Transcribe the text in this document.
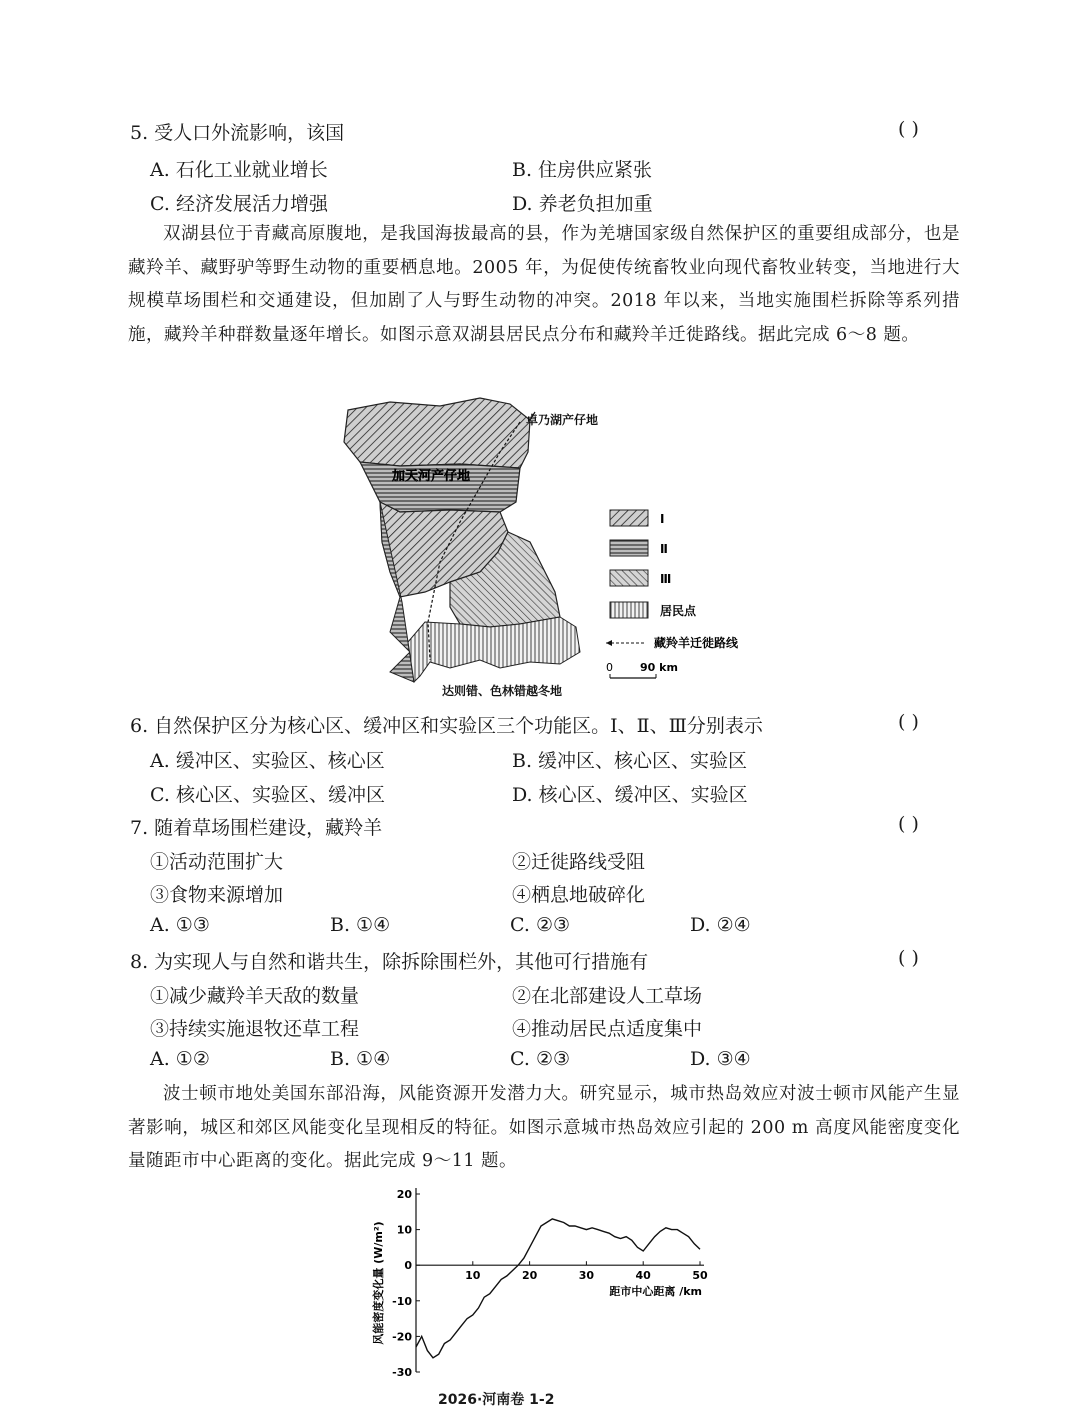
5. 受人口外流影响，该国	( )
A. 石化工业就业增长	B. 住房供应紧张
C. 经济发展活力增强	D. 养老负担加重
双湖县位于青藏高原腹地，是我国海拔最高的县，作为羌塘国家级自然保护区的重要组成部分，也是藏羚羊、藏野驴等野生动物的重要栖息地。2005 年，为促使传统畜牧业向现代畜牧业转变，当地进行大规模草场围栏和交通建设，但加剧了人与野生动物的冲突。2018 年以来，当地实施围栏拆除等系列措施，藏羚羊种群数量逐年增长。如图示意双湖县居民点分布和藏羚羊迁徙路线。据此完成 6～8 题。
卓乃湖产仔地
加天河产仔地
达则错、色林错越冬地
Ⅰ
Ⅱ
Ⅲ
居民点
藏羚羊迁徙路线
0 90 km
6. 自然保护区分为核心区、缓冲区和实验区三个功能区。Ⅰ、Ⅱ、Ⅲ分别表示	( )
A. 缓冲区、实验区、核心区	B. 缓冲区、核心区、实验区
C. 核心区、实验区、缓冲区	D. 核心区、缓冲区、实验区
7. 随着草场围栏建设，藏羚羊	( )
①活动范围扩大	②迁徙路线受阻
③食物来源增加	④栖息地破碎化
A. ①③	B. ①④	C. ②③	D. ②④
8. 为实现人与自然和谐共生，除拆除围栏外，其他可行措施有	( )
①减少藏羚羊天敌的数量	②在北部建设人工草场
③持续实施退牧还草工程	④推动居民点适度集中
A. ①②	B. ①④	C. ②③	D. ③④
波士顿市地处美国东部沿海，风能资源开发潜力大。研究显示，城市热岛效应对波士顿市风能产生显著影响，城区和郊区风能变化呈现相反的特征。如图示意城市热岛效应引起的 200 m 高度风能密度变化量随距市中心距离的变化。据此完成 9～11 题。
20
10
0
-10
-20
-30
10	20	30	40	50
距市中心距离 /km
风能密度变化量 (W/m²)
2026·河南卷 1-2
